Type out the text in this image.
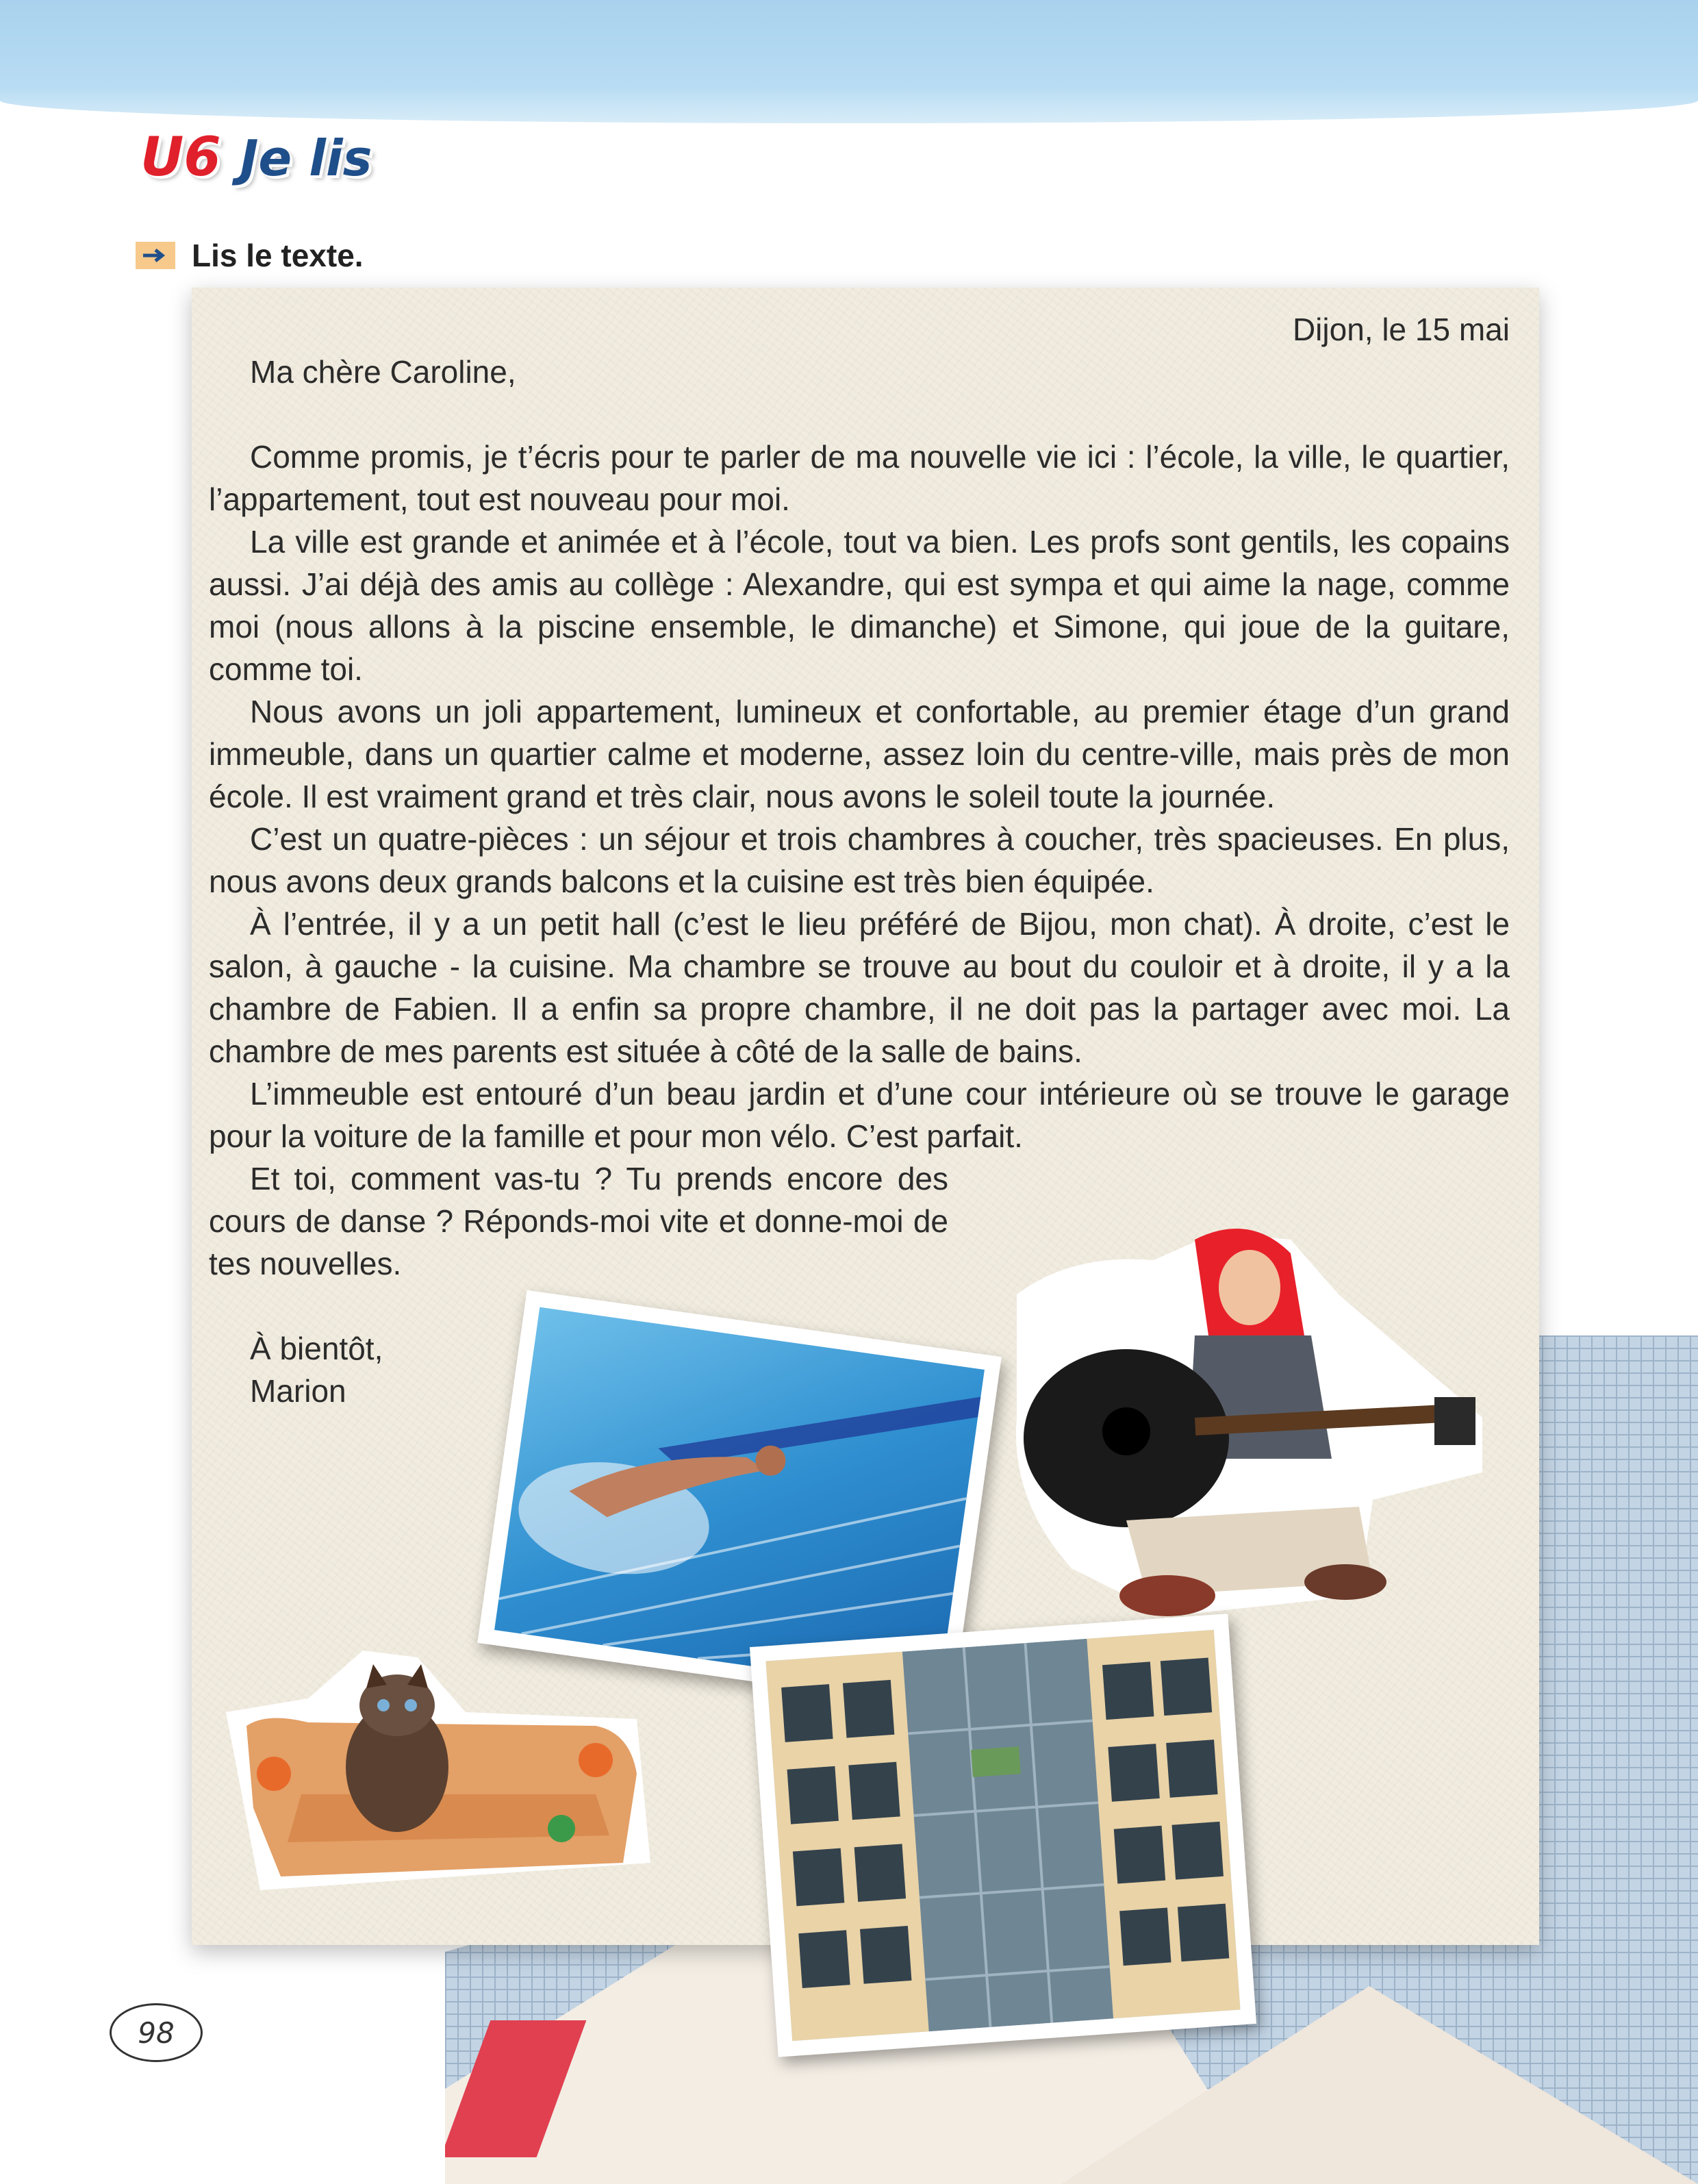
U6 Je lis
Lis le texte.
Dijon, le 15 mai
Ma chère Caroline,

Comme promis, je t’écris pour te parler de ma nouvelle vie ici : l’école, la ville, le quartier, l’appartement, tout est nouveau pour moi.

La ville est grande et animée et à l’école, tout va bien. Les profs sont gentils, les copains aussi. J’ai déjà des amis au collège : Alexandre, qui est sympa et qui aime la nage, comme moi (nous allons à la piscine ensemble, le dimanche) et Simone, qui joue de la guitare, comme toi.

Nous avons un joli appartement, lumineux et confortable, au premier étage d’un grand immeuble, dans un quartier calme et moderne, assez loin du centre-ville, mais près de mon école. Il est vraiment grand et très clair, nous avons le soleil toute la journée.

C’est un quatre-pièces : un séjour et trois chambres à coucher, très spacieuses. En plus, nous avons deux grands balcons et la cuisine est très bien équipée.

À l’entrée, il y a un petit hall (c’est le lieu préféré de Bijou, mon chat). À droite, c’est le salon, à gauche - la cuisine. Ma chambre se trouve au bout du couloir et à droite, il y a la chambre de Fabien. Il a enfin sa propre chambre, il ne doit pas la partager avec moi. La chambre de mes parents est située à côté de la salle de bains.

L’immeuble est entouré d’un beau jardin et d’une cour intérieure où se trouve le garage pour la voiture de la famille et pour mon vélo. C’est parfait.

Et toi, comment vas-tu ? Tu prends encore des cours de danse ? Réponds-moi vite et donne-moi de tes nouvelles.

À bientôt,
Marion
98
